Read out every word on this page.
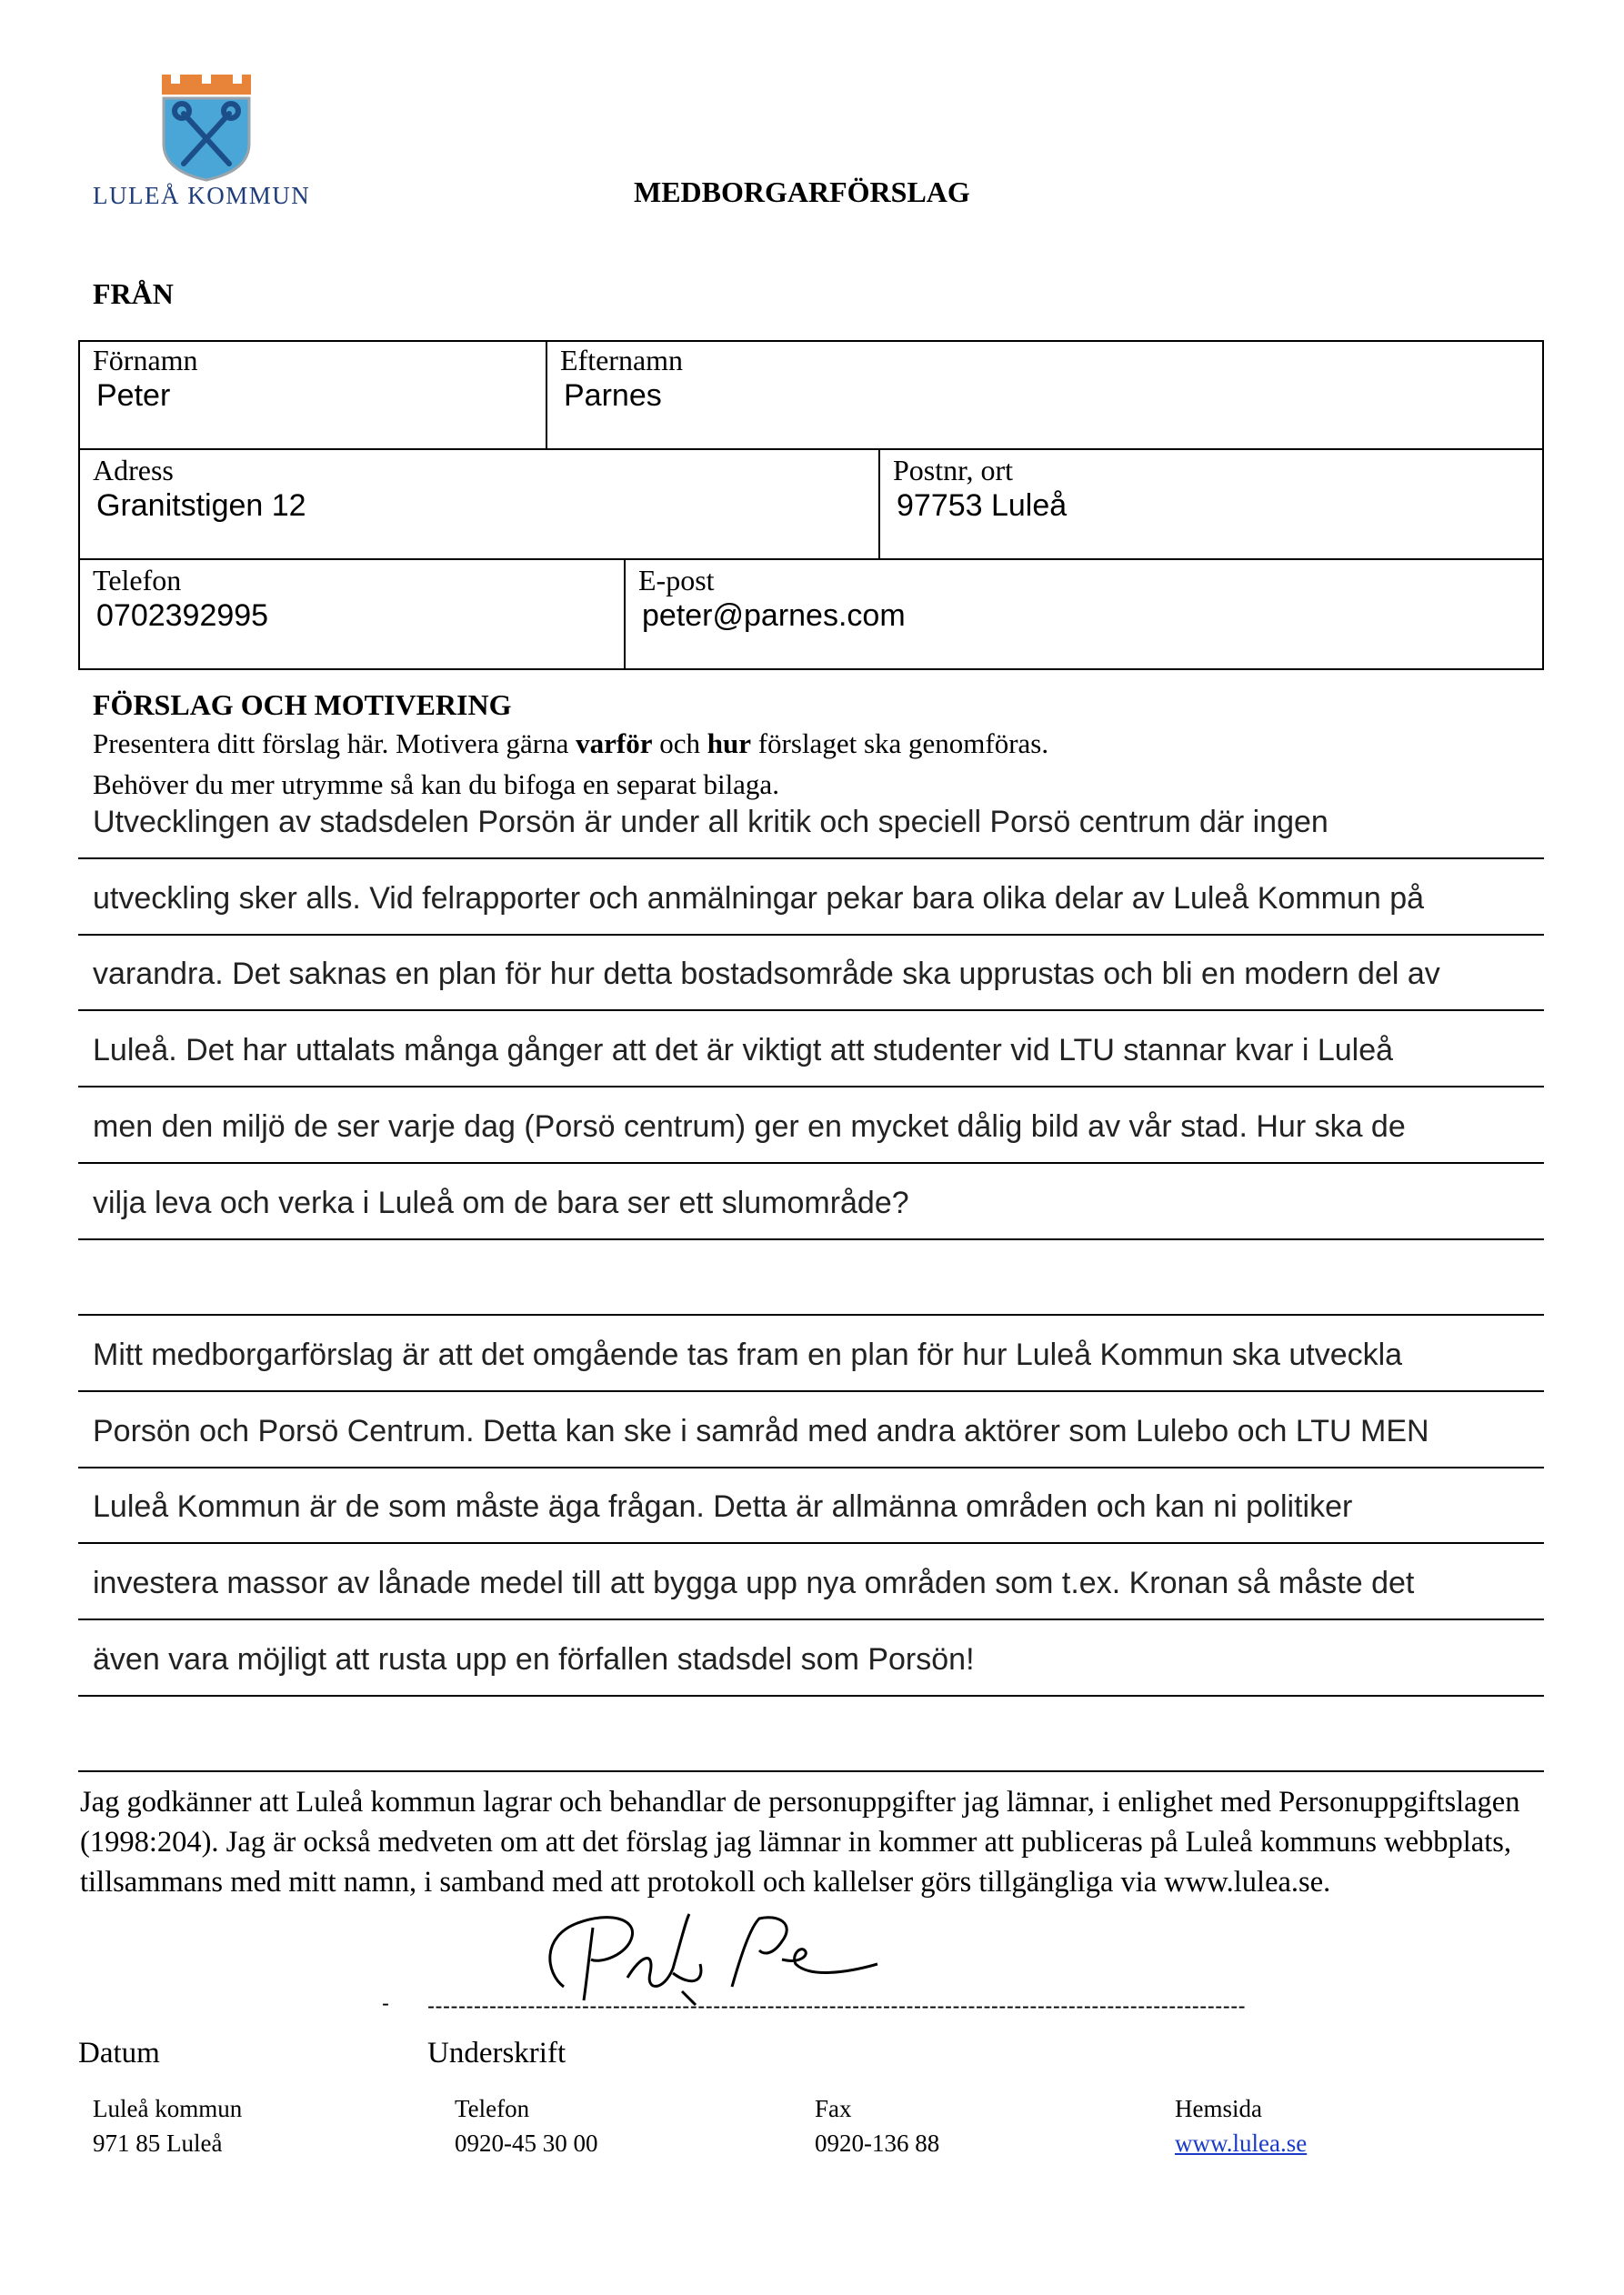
LULEÅ KOMMUN	MEDBORGARFÖRSLAG
FRÅN
Förnamn
Peter
Efternamn
Parnes
Adress
Granitstigen 12
Postnr, ort
97753 Luleå
Telefon
0702392995
E-post
peter@parnes.com
FÖRSLAG OCH MOTIVERING
Presentera ditt förslag här. Motivera gärna varför och hur förslaget ska genomföras.
Behöver du mer utrymme så kan du bifoga en separat bilaga.
Utvecklingen av stadsdelen Porsön är under all kritik och speciell Porsö centrum där ingen
utveckling sker alls. Vid felrapporter och anmälningar pekar bara olika delar av Luleå Kommun på
varandra. Det saknas en plan för hur detta bostadsområde ska upprustas och bli en modern del av
Luleå. Det har uttalats många gånger att det är viktigt att studenter vid LTU stannar kvar i Luleå
men den miljö de ser varje dag (Porsö centrum) ger en mycket dålig bild av vår stad. Hur ska de
vilja leva och verka i Luleå om de bara ser ett slumområde?
Mitt medborgarförslag är att det omgående tas fram en plan för hur Luleå Kommun ska utveckla
Porsön och Porsö Centrum. Detta kan ske i samråd med andra aktörer som Lulebo och LTU MEN
Luleå Kommun är de som måste äga frågan. Detta är allmänna områden och kan ni politiker
investera massor av lånade medel till att bygga upp nya områden som t.ex. Kronan så måste det
även vara möjligt att rusta upp en förfallen stadsdel som Porsön!
Jag godkänner att Luleå kommun lagrar och behandlar de personuppgifter jag lämnar, i enlighet med Personuppgiftslagen (1998:204). Jag är också medveten om att det förslag jag lämnar in kommer att publiceras på Luleå kommuns webbplats, tillsammans med mitt namn, i samband med att protokoll och kallelser görs tillgängliga via www.lulea.se.
- ----------------------------------------------------------------------------------------------------------
Datum	Underskrift
Luleå kommun
971 85 Luleå
Telefon
0920-45 30 00
Fax
0920-136 88
Hemsida
www.lulea.se
